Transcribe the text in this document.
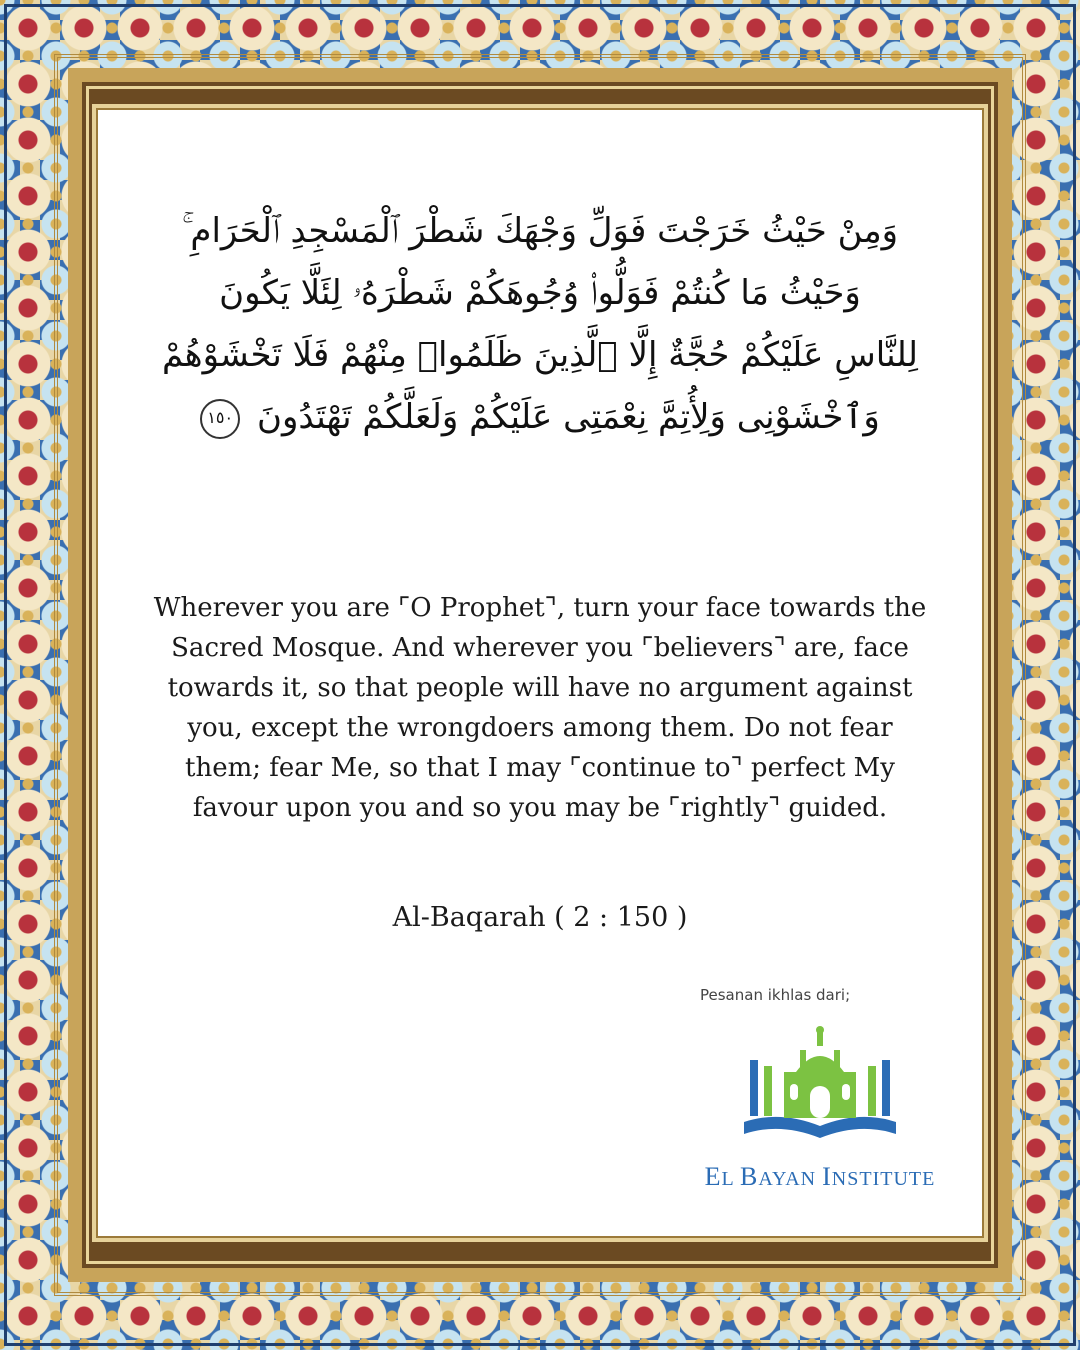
وَمِنْ حَيْثُ خَرَجْتَ فَوَلِّ وَجْهَكَ شَطْرَ ٱلْمَسْجِدِ ٱلْحَرَامِ ۚ
وَحَيْثُ مَا كُنتُمْ فَوَلُّوا۟ وُجُوهَكُمْ شَطْرَهُۥ لِئَلَّا يَكُونَ
لِلنَّاسِ عَلَيْكُمْ حُجَّةٌ إِلَّا ٱلَّذِينَ ظَلَمُوا۟ مِنْهُمْ فَلَا تَخْشَوْهُمْ
وَٱخْشَوْنِى وَلِأُتِمَّ نِعْمَتِى عَلَيْكُمْ وَلَعَلَّكُمْ تَهْتَدُونَ ١٥٠
Wherever you are ⌜O Prophet⌝, turn your face towards the
Sacred Mosque. And wherever you ⌜believers⌝ are, face
towards it, so that people will have no argument against
you, except the wrongdoers among them. Do not fear
them; fear Me, so that I may ⌜continue to⌝ perfect My
favour upon you and so you may be ⌜rightly⌝ guided.
Al-Baqarah ( 2 : 150 )
Pesanan ikhlas dari;
EL BAYAN INSTITUTE
